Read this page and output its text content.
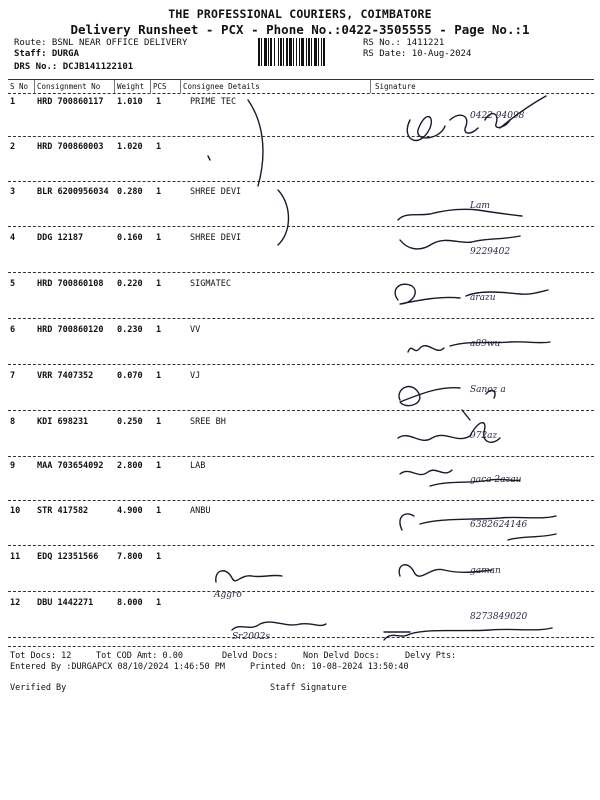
THE PROFESSIONAL COURIERS, COIMBATORE
Delivery Runsheet - PCX - Phone No.:0422-3505555 - Page No.:1
Route: BSNL NEAR OFFICE DELIVERY
Staff: DURGA
DRS No.: DCJB141122101
RS No.: 1411221
RS Date: 10-Aug-2024
S No Consignment No Weight PCS Consignee Details	Signature
1	HRD 700860117 1.010 1	PRIME TEC
0422 94098
2	HRD 700860003 1.020 1
3	BLR 6200956034 0.280 1	SHREE DEVI
Lam
4	DDG 12187	0.160 1	SHREE DEVI
9229402
5	HRD 700860108 0.220 1	SIGMATEC
arazu
6	HRD 700860120 0.230 1	VV
a89wu
7	VRR 7407352	0.070 1	VJ
Sanoz a
8	KDI 698231	0.250 1	SREE BH
972az
9	MAA 703654092 2.800 1	LAB
gaca 2azau
10 STR 417582	4.900 1	ANBU
6382624146
11 EDQ 12351566 7.800 1
gaman
12 DBU 1442271	8.000 1
8273849020
Aggro
Sr2002s
Tot Docs: 12	Tot COD Amt: 0.00	Delvd Docs:	Non Delvd Docs:	Delvy Pts:
Entered By :DURGAPCX 08/10/2024 1:46:50 PM	Printed On: 10-08-2024 13:50:40
Verified By	Staff Signature
